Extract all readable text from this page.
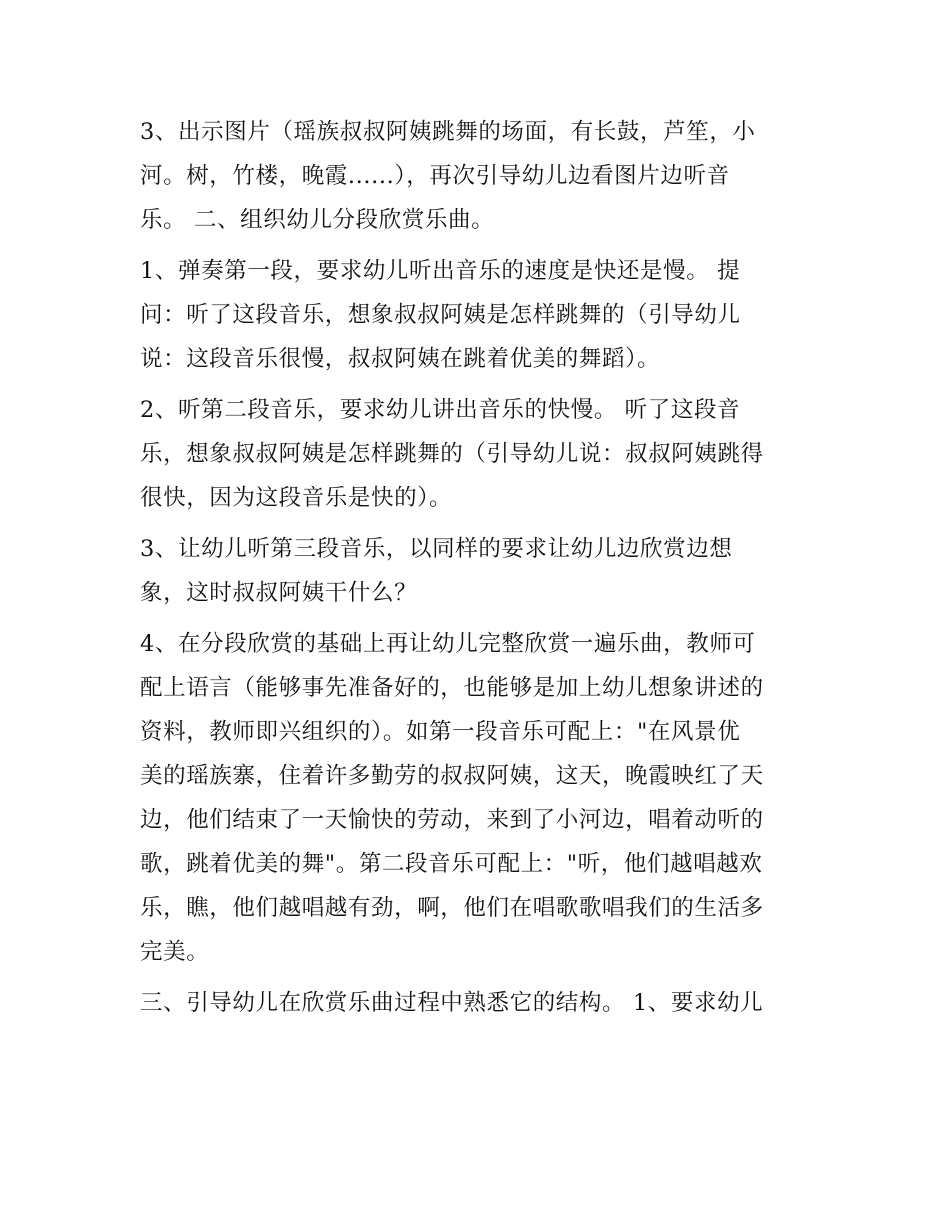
3、出示图片（瑶族叔叔阿姨跳舞的场面，有长鼓，芦笙，小
河。树，竹楼，晚霞......），再次引导幼儿边看图片边听音
乐。 二、组织幼儿分段欣赏乐曲。

1、弹奏第一段，要求幼儿听出音乐的速度是快还是慢。 提
问：听了这段音乐，想象叔叔阿姨是怎样跳舞的（引导幼儿
说：这段音乐很慢，叔叔阿姨在跳着优美的舞蹈）。

2、听第二段音乐，要求幼儿讲出音乐的快慢。 听了这段音
乐，想象叔叔阿姨是怎样跳舞的（引导幼儿说：叔叔阿姨跳得
很快，因为这段音乐是快的）。

3、让幼儿听第三段音乐，以同样的要求让幼儿边欣赏边想
象，这时叔叔阿姨干什么？

4、在分段欣赏的基础上再让幼儿完整欣赏一遍乐曲，教师可
配上语言（能够事先准备好的，也能够是加上幼儿想象讲述的
资料，教师即兴组织的）。如第一段音乐可配上："在风景优
美的瑶族寨，住着许多勤劳的叔叔阿姨，这天，晚霞映红了天
边，他们结束了一天愉快的劳动，来到了小河边，唱着动听的
歌，跳着优美的舞"。第二段音乐可配上："听，他们越唱越欢
乐，瞧，他们越唱越有劲，啊，他们在唱歌歌唱我们的生活多
完美。

三、引导幼儿在欣赏乐曲过程中熟悉它的结构。 1、要求幼儿
